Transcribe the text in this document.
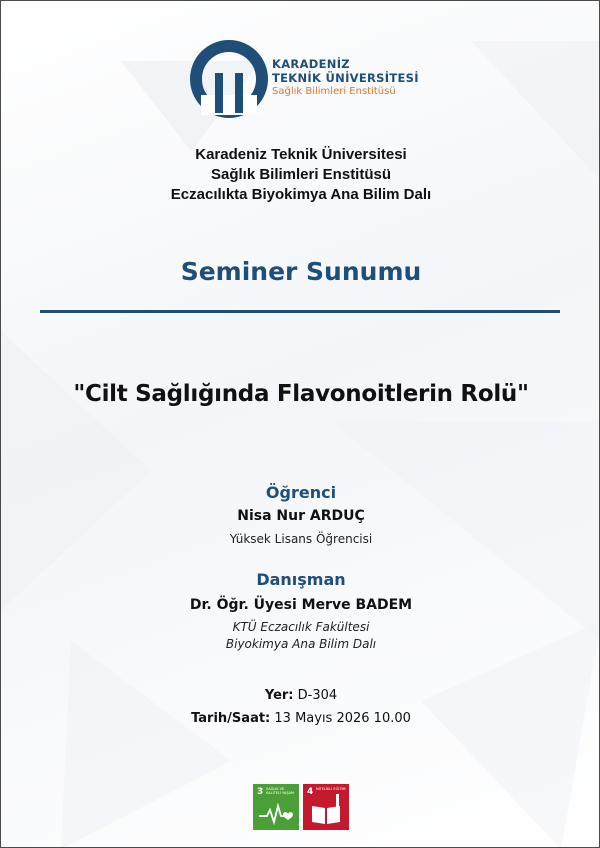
KARADENİZ
TEKNİK ÜNİVERSİTESİ
Sağlık Bilimleri Enstitüsü
Karadeniz Teknik Üniversitesi
Sağlık Bilimleri Enstitüsü
Eczacılıkta Biyokimya Ana Bilim Dalı
Seminer Sunumu
"Cilt Sağlığında Flavonoitlerin Rolü"
Öğrenci
Nisa Nur ARDUÇ
Yüksek Lisans Öğrencisi
Danışman
Dr. Öğr. Üyesi Merve BADEM
KTÜ Eczacılık Fakültesi
Biyokimya Ana Bilim Dalı
Yer: D-304
Tarih/Saat: 13 Mayıs 2026 10.00
3 SAĞLIK VE KALİTELİ YAŞAM 4 NİTELİKLİ EĞİTİM
